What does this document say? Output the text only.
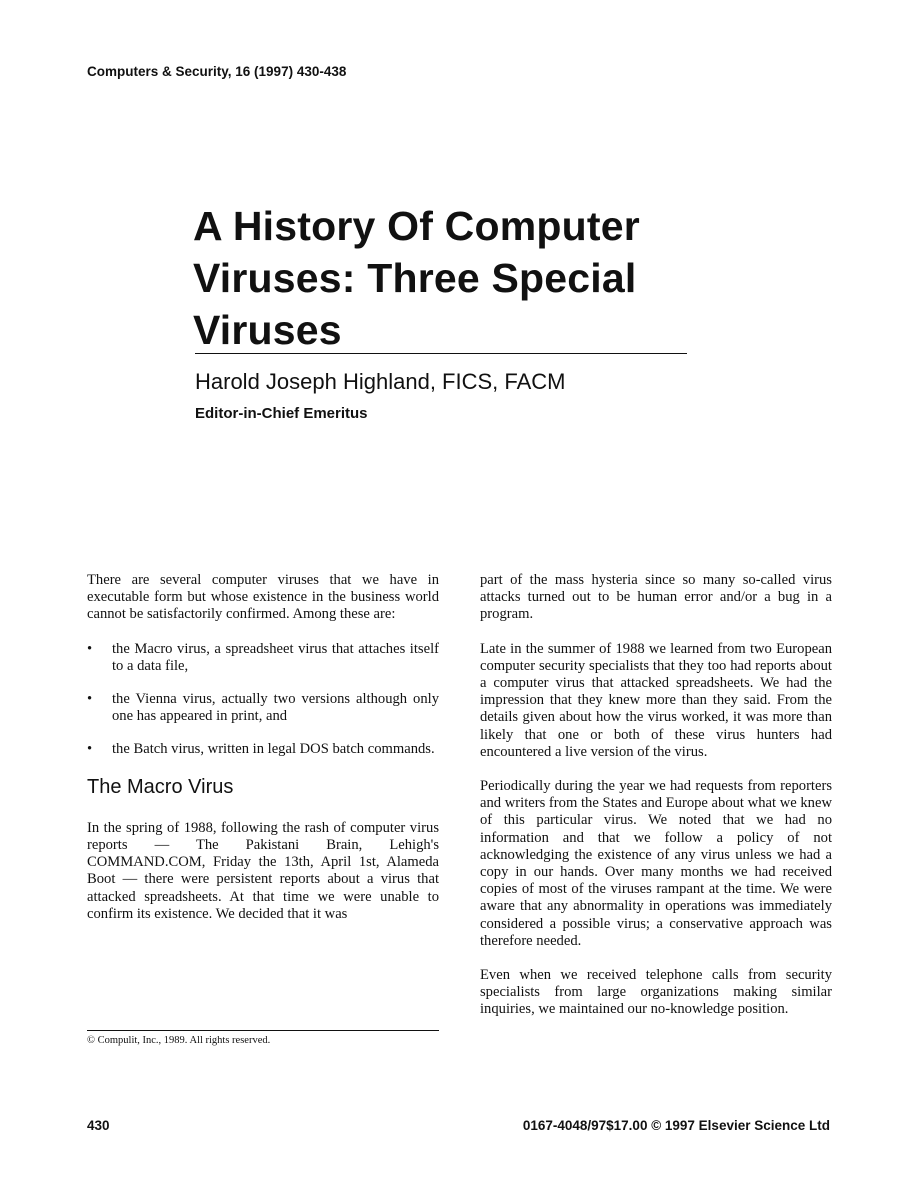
Computers & Security, 16 (1997) 430-438
A History Of Computer
Viruses: Three Special
Viruses
Harold Joseph Highland, FICS, FACM
Editor-in-Chief Emeritus

There are several computer viruses that we have in executable form but whose existence in the business world cannot be satisfactorily confirmed. Among these are:

•	the Macro virus, a spreadsheet virus that attaches itself to a data file,
•	the Vienna virus, actually two versions although only one has appeared in print, and
•	the Batch virus, written in legal DOS batch commands.
The Macro Virus

In the spring of 1988, following the rash of computer virus reports — The Pakistani Brain, Lehigh's COMMAND.COM, Friday the 13th, April 1st, Alameda Boot — there were persistent reports about a virus that attacked spreadsheets. At that time we were unable to confirm its existence. We decided that it was

part of the mass hysteria since so many so-called virus attacks turned out to be human error and/or a bug in a program.

Late in the summer of 1988 we learned from two European computer security specialists that they too had reports about a computer virus that attacked spreadsheets. We had the impression that they knew more than they said. From the details given about how the virus worked, it was more than likely that one or both of these virus hunters had encountered a live version of the virus.

Periodically during the year we had requests from reporters and writers from the States and Europe about what we knew of this particular virus. We noted that we had no information and that we follow a policy of not acknowledging the existence of any virus unless we had a copy in our hands. Over many months we had received copies of most of the viruses rampant at the time. We were aware that any abnormality in operations was immediately considered a possible virus; a conservative approach was therefore needed.

Even when we received telephone calls from security specialists from large organizations making similar inquiries, we maintained our no-knowledge position.

© Compulit, Inc., 1989. All rights reserved.
430	0167-4048/97$17.00 © 1997 Elsevier Science Ltd
